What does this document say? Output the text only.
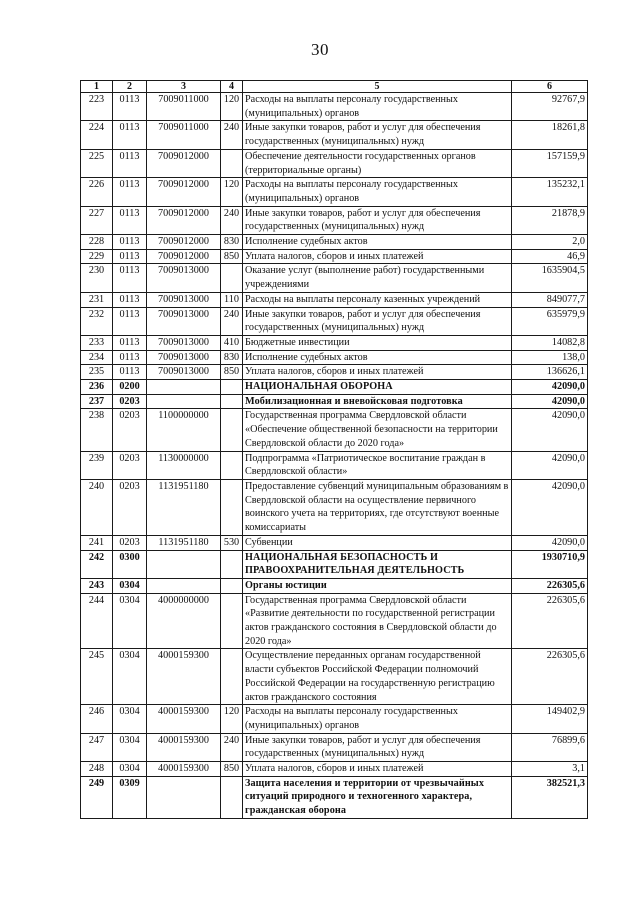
30
1	2	3	4	5	6
223	0113	7009011000	120	Расходы на выплаты персоналу государственных (муниципальных) органов	92767,9
224	0113	7009011000	240	Иные закупки товаров, работ и услуг для обеспечения государственных (муниципальных) нужд	18261,8
225	0113	7009012000		Обеспечение деятельности государственных органов (территориальные органы)	157159,9
226	0113	7009012000	120	Расходы на выплаты персоналу государственных (муниципальных) органов	135232,1
227	0113	7009012000	240	Иные закупки товаров, работ и услуг для обеспечения государственных (муниципальных) нужд	21878,9
228	0113	7009012000	830	Исполнение судебных актов	2,0
229	0113	7009012000	850	Уплата налогов, сборов и иных платежей	46,9
230	0113	7009013000		Оказание услуг (выполнение работ) государственными учреждениями	1635904,5
231	0113	7009013000	110	Расходы на выплаты персоналу казенных учреждений	849077,7
232	0113	7009013000	240	Иные закупки товаров, работ и услуг для обеспечения государственных (муниципальных) нужд	635979,9
233	0113	7009013000	410	Бюджетные инвестиции	14082,8
234	0113	7009013000	830	Исполнение судебных актов	138,0
235	0113	7009013000	850	Уплата налогов, сборов и иных платежей	136626,1
236	0200			НАЦИОНАЛЬНАЯ ОБОРОНА	42090,0
237	0203			Мобилизационная и вневойсковая подготовка	42090,0
238	0203	1100000000		Государственная программа Свердловской области «Обеспечение общественной безопасности на территории Свердловской области до 2020 года»	42090,0
239	0203	1130000000		Подпрограмма «Патриотическое воспитание граждан в Свердловской области»	42090,0
240	0203	1131951180		Предоставление субвенций муниципальным образованиям в Свердловской области на осуществление первичного воинского учета на территориях, где отсутствуют военные комиссариаты	42090,0
241	0203	1131951180	530	Субвенции	42090,0
242	0300			НАЦИОНАЛЬНАЯ БЕЗОПАСНОСТЬ И ПРАВООХРАНИТЕЛЬНАЯ ДЕЯТЕЛЬНОСТЬ	1930710,9
243	0304			Органы юстиции	226305,6
244	0304	4000000000		Государственная программа Свердловской области «Развитие деятельности по государственной регистрации актов гражданского состояния в Свердловской области до 2020 года»	226305,6
245	0304	4000159300		Осуществление переданных органам государственной власти субъектов Российской Федерации полномочий Российской Федерации на государственную регистрацию актов гражданского состояния	226305,6
246	0304	4000159300	120	Расходы на выплаты персоналу государственных (муниципальных) органов	149402,9
247	0304	4000159300	240	Иные закупки товаров, работ и услуг для обеспечения государственных (муниципальных) нужд	76899,6
248	0304	4000159300	850	Уплата налогов, сборов и иных платежей	3,1
249	0309			Защита населения и территории от чрезвычайных ситуаций природного и техногенного характера, гражданская оборона	382521,3
